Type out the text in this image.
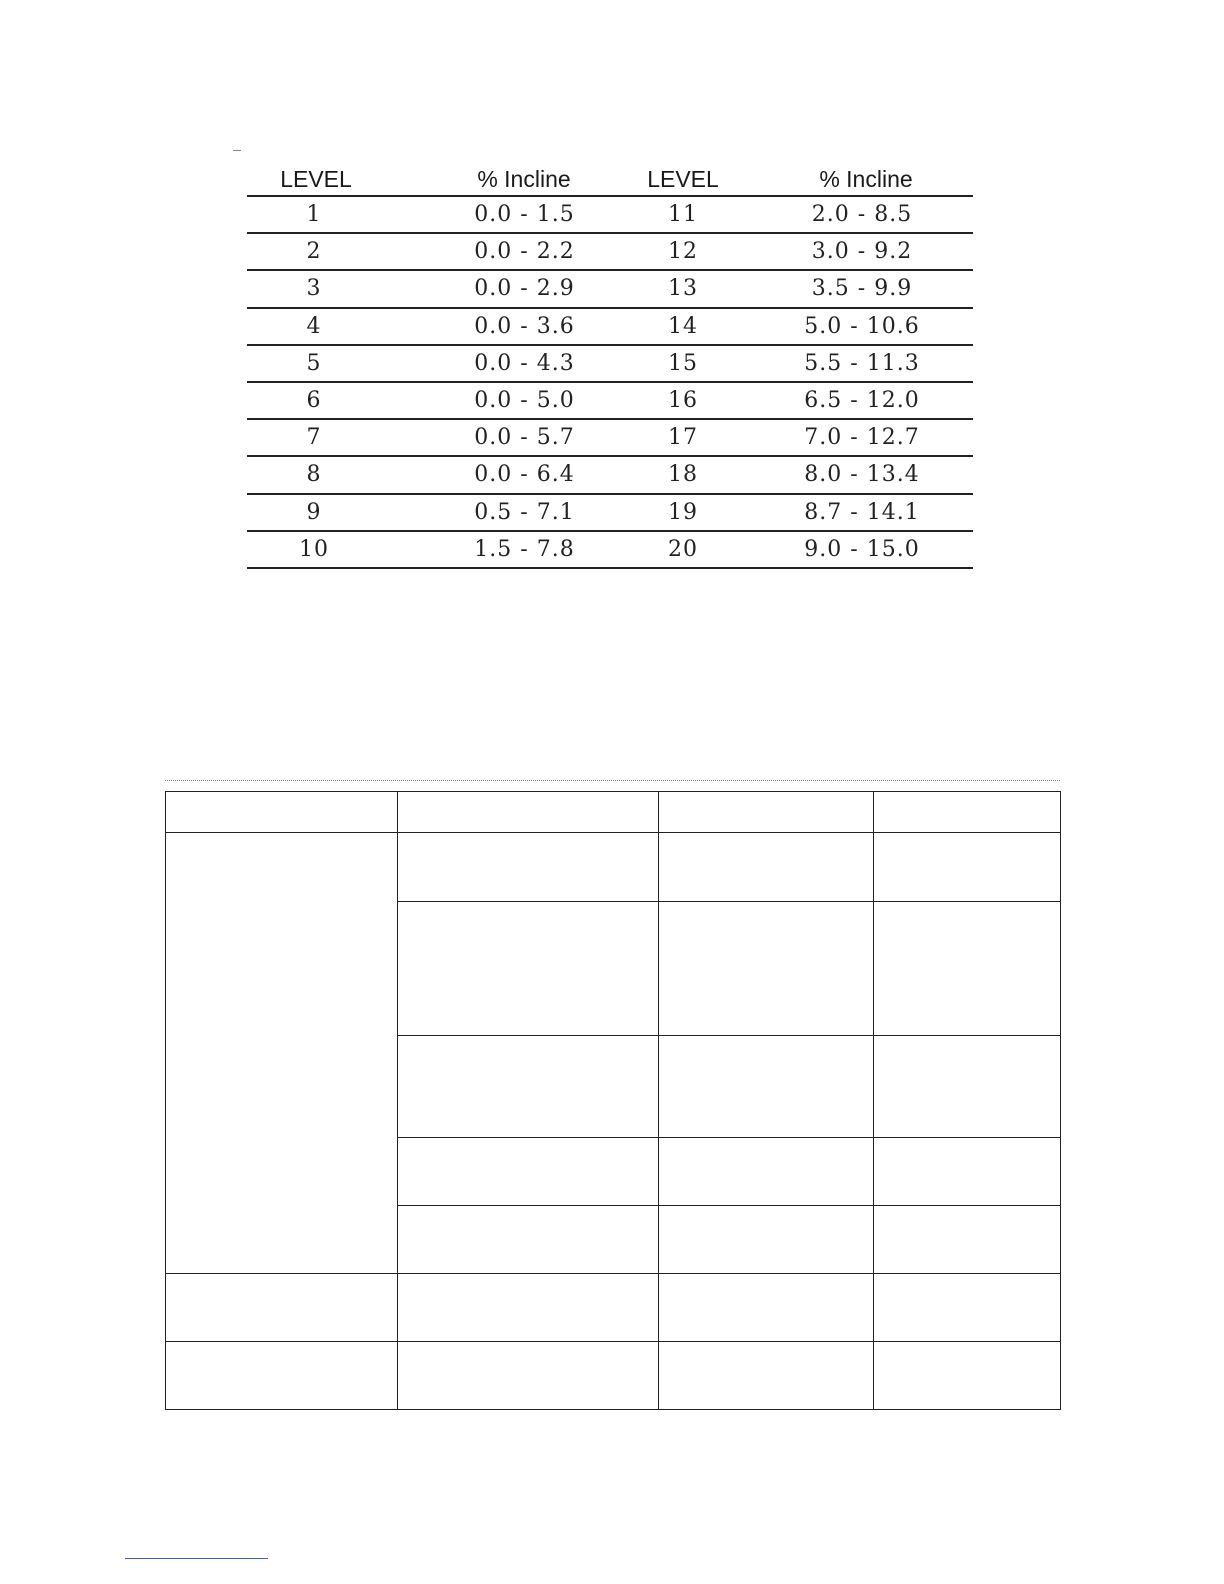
LEVEL	% Incline	LEVEL	% Incline
1	0.0 - 1.5	11	2.0 - 8.5
2	0.0 - 2.2	12	3.0 - 9.2
3	0.0 - 2.9	13	3.5 - 9.9
4	0.0 - 3.6	14	5.0 - 10.6
5	0.0 - 4.3	15	5.5 - 11.3
6	0.0 - 5.0	16	6.5 - 12.0
7	0.0 - 5.7	17	7.0 - 12.7
8	0.0 - 6.4	18	8.0 - 13.4
9	0.5 - 7.1	19	8.7 - 14.1
10	1.5 - 7.8	20	9.0 - 15.0
